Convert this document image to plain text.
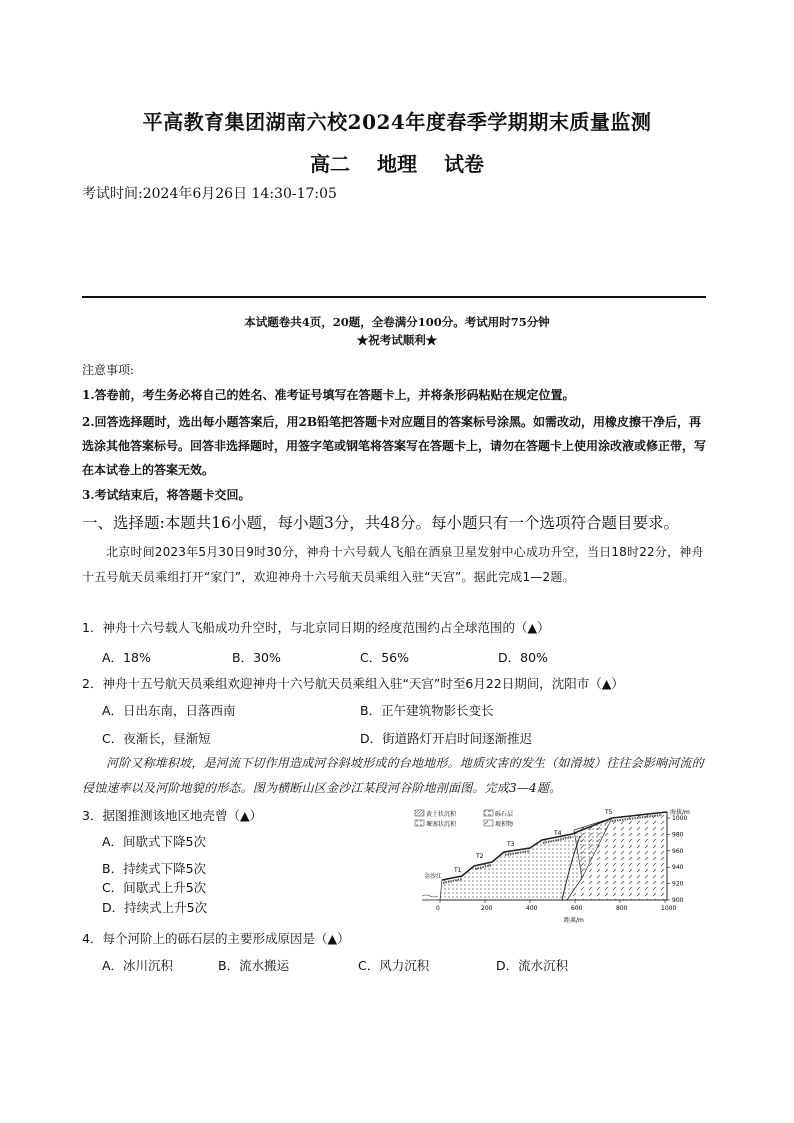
平高教育集团湖南六校2024年度春季学期期末质量监测
高二 地理 试卷
考试时间:2024年6月26日 14:30-17:05
本试题卷共4页，20题，全卷满分100分。考试用时75分钟
★祝考试顺利★
注意事项:
1.答卷前，考生务必将自己的姓名、准考证号填写在答题卡上，并将条形码粘贴在规定位置。
2.回答选择题时，选出每小题答案后，用2B铅笔把答题卡对应题目的答案标号涂黑。如需改动，用橡皮擦干净后，再选涂其他答案标号。回答非选择题时，用签字笔或钢笔将答案写在答题卡上，请勿在答题卡上使用涂改液或修正带，写在本试卷上的答案无效。
3.考试结束后，将答题卡交回。
一、选择题:本题共16小题，每小题3分，共48分。每小题只有一个选项符合题目要求。
北京时间2023年5月30日9时30分，神舟十六号载人飞船在酒泉卫星发射中心成功升空，当日18时22分，神舟十五号航天员乘组打开“家门”，欢迎神舟十六号航天员乘组入驻“天宫”。据此完成1—2题。
1．神舟十六号载人飞船成功升空时，与北京同日期的经度范围约占全球范围的（▲）
A．18%	B．30%	C．56%	D．80%
2．神舟十五号航天员乘组欢迎神舟十六号航天员乘组入驻“天宫”时至6月22日期间，沈阳市（▲）
A．日出东南，日落西南	B．正午建筑物影长变长
C．夜渐长，昼渐短	D．街道路灯开启时间逐渐推迟
河阶又称堆积坡，是河流下切作用造成河谷斜坡形成的台地地形。地质灾害的发生（如滑坡）往往会影响河流的侵蚀速率以及河阶地貌的形态。图为横断山区金沙江某段河谷阶地剖面图。完成3—4题。
3．据图推测该地区地壳曾（▲）
A．间歇式下降5次
B．持续式下降5次
C．间歇式上升5次
D．持续式上升5次
4．每个河阶上的砾石层的主要形成原因是（▲）
A．冰川沉积	B．流水搬运	C．风力沉积	D．流水沉积
黄土状沉积	砾石层
堰塞状沉积	坡积物
T1
T2
T3
T4
T5
金沙江
海拔/m
1000
980
960
940
920
900
0	200	400	600	800	1000
距离/m
